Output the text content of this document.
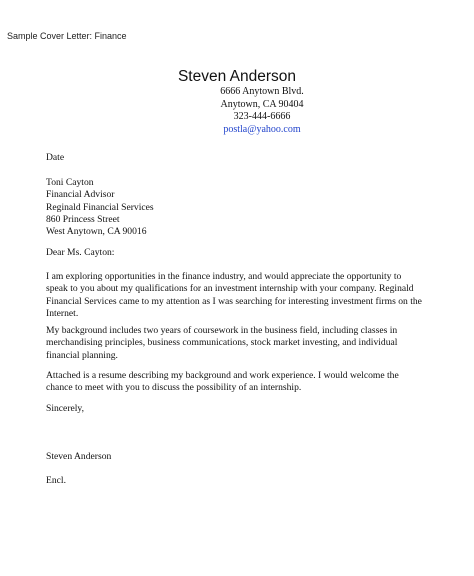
Sample Cover Letter: Finance
Steven Anderson
6666 Anytown Blvd.
Anytown, CA 90404
323-444-6666
postla@yahoo.com
Date
Toni Cayton
Financial Advisor
Reginald Financial Services
860 Princess Street
West Anytown, CA 90016
Dear Ms. Cayton:
I am exploring opportunities in the finance industry, and would appreciate the opportunity to
speak to you about my qualifications for an investment internship with your company. Reginald
Financial Services came to my attention as I was searching for interesting investment firms on the
Internet.
My background includes two years of coursework in the business field, including classes in
merchandising principles, business communications, stock market investing, and individual
financial planning.
Attached is a resume describing my background and work experience. I would welcome the
chance to meet with you to discuss the possibility of an internship.
Sincerely,
Steven Anderson
Encl.
